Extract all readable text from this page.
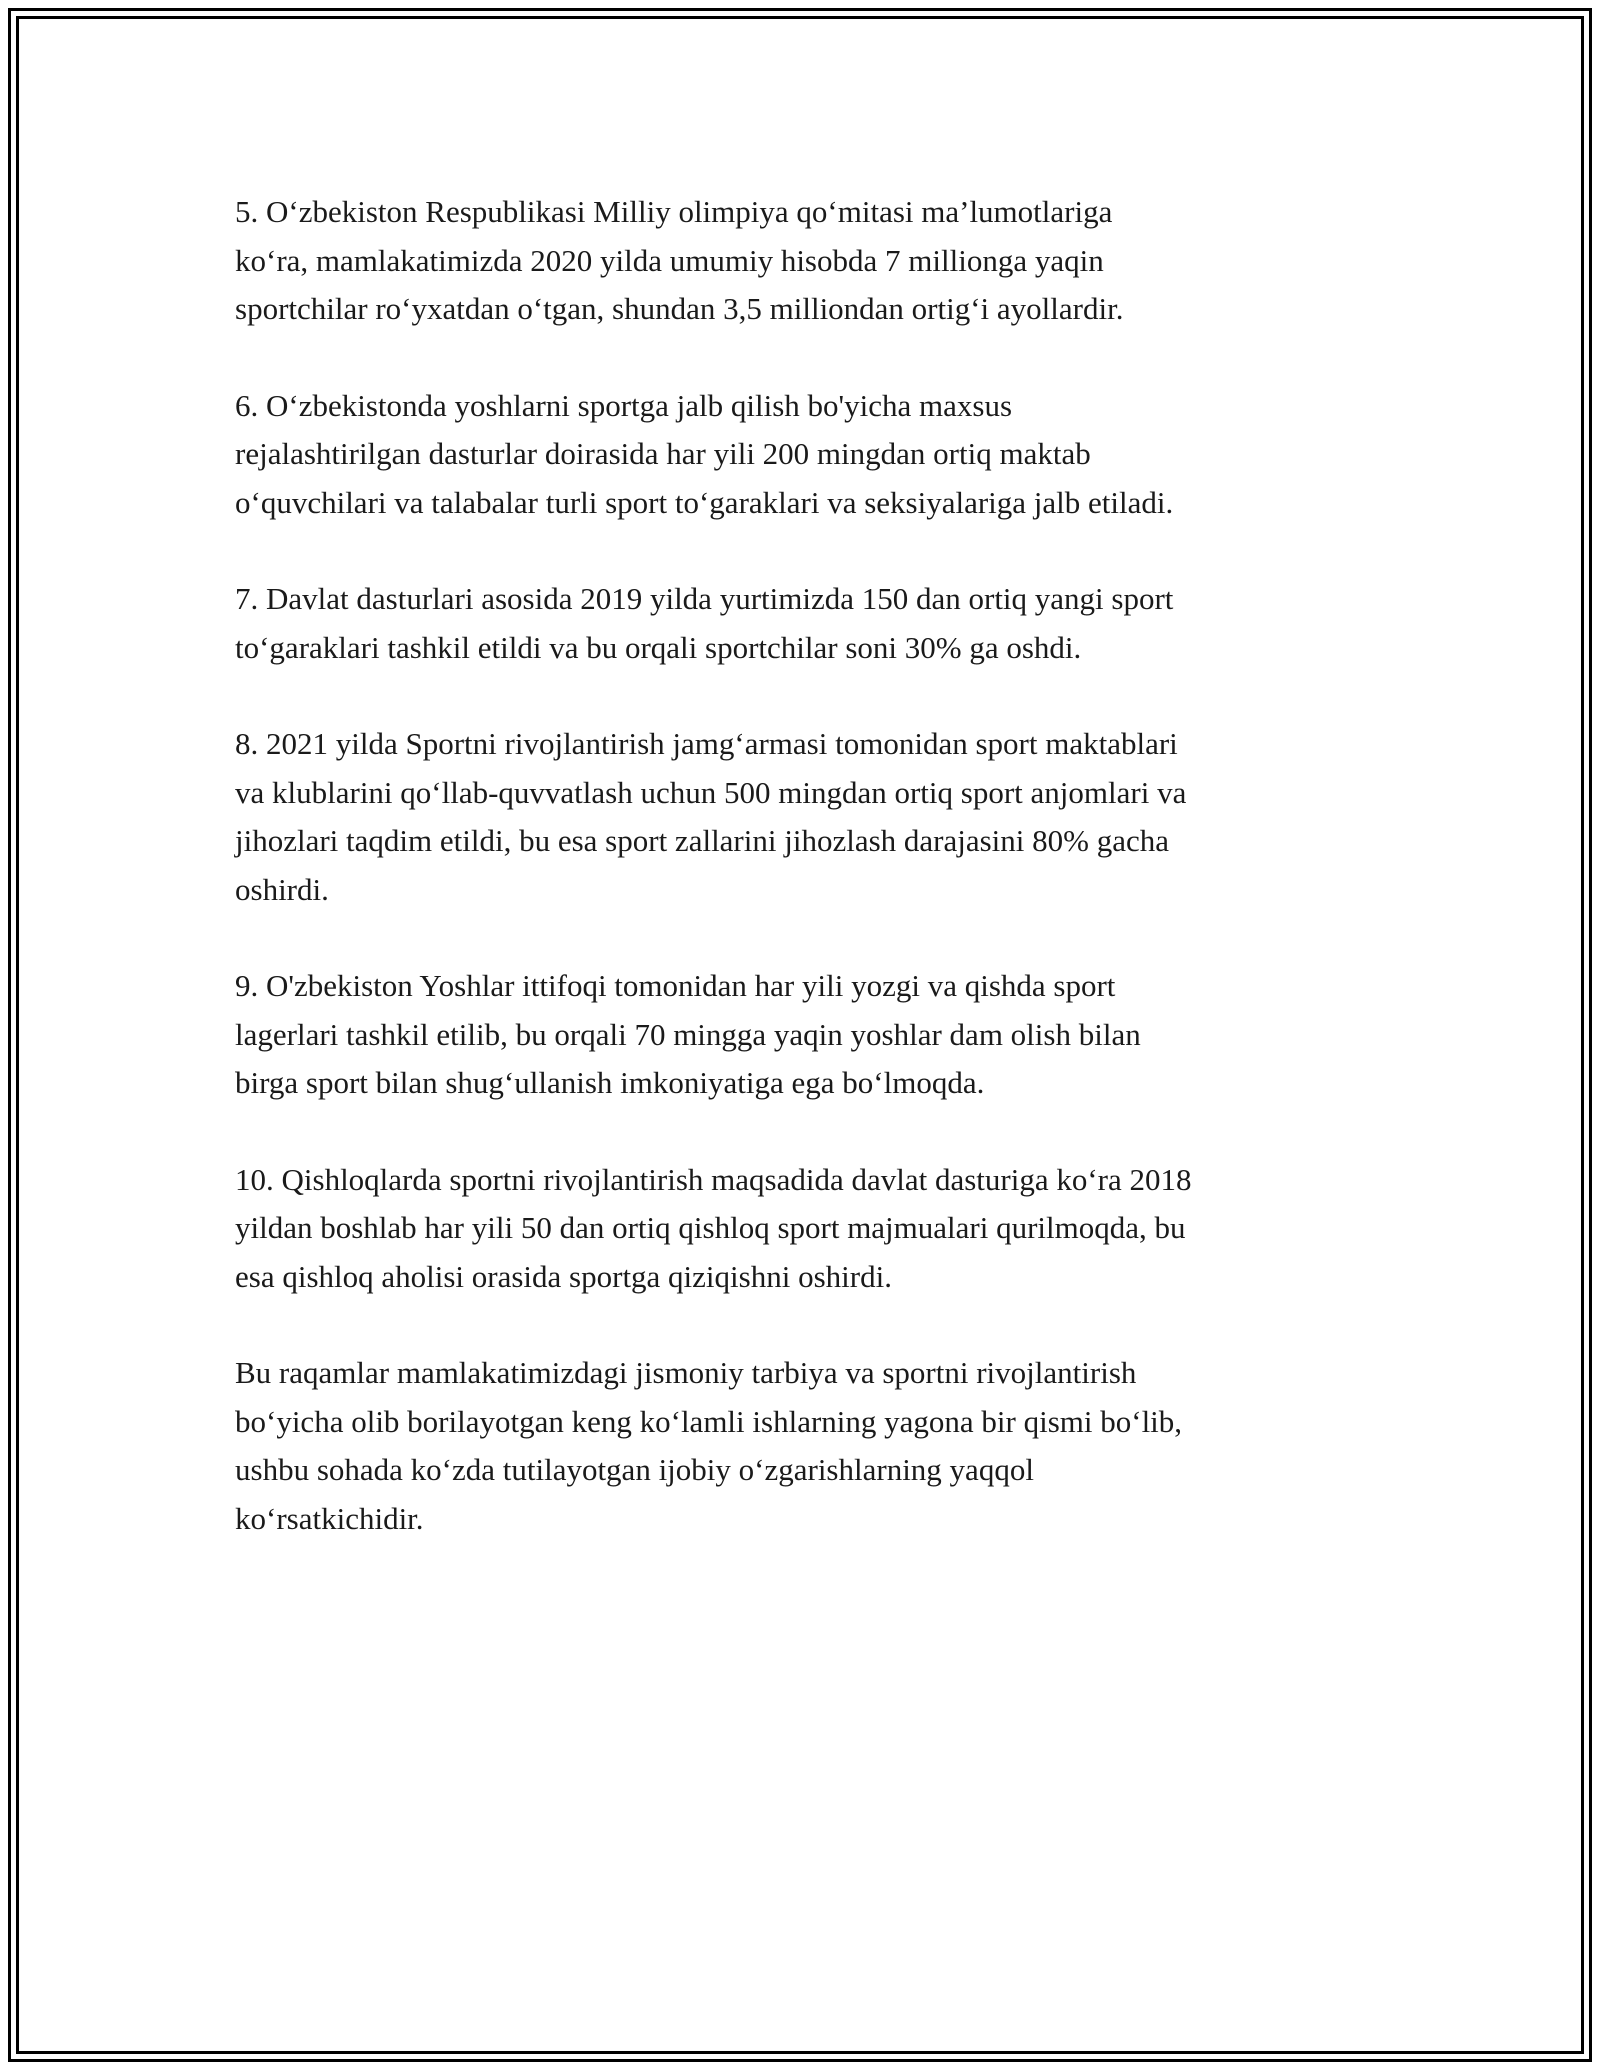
5. O‘zbekiston Respublikasi Milliy olimpiya qo‘mitasi ma’lumotlariga
ko‘ra, mamlakatimizda 2020 yilda umumiy hisobda 7 millionga yaqin
sportchilar ro‘yxatdan o‘tgan, shundan 3,5 milliondan ortig‘i ayollardir.

6. O‘zbekistonda yoshlarni sportga jalb qilish bo'yicha maxsus
rejalashtirilgan dasturlar doirasida har yili 200 mingdan ortiq maktab
o‘quvchilari va talabalar turli sport to‘garaklari va seksiyalariga jalb etiladi.

7. Davlat dasturlari asosida 2019 yilda yurtimizda 150 dan ortiq yangi sport
to‘garaklari tashkil etildi va bu orqali sportchilar soni 30% ga oshdi.

8. 2021 yilda Sportni rivojlantirish jamg‘armasi tomonidan sport maktablari
va klublarini qo‘llab-quvvatlash uchun 500 mingdan ortiq sport anjomlari va
jihozlari taqdim etildi, bu esa sport zallarini jihozlash darajasini 80% gacha
oshirdi.

9. O'zbekiston Yoshlar ittifoqi tomonidan har yili yozgi va qishda sport
lagerlari tashkil etilib, bu orqali 70 mingga yaqin yoshlar dam olish bilan
birga sport bilan shug‘ullanish imkoniyatiga ega bo‘lmoqda.

10. Qishloqlarda sportni rivojlantirish maqsadida davlat dasturiga ko‘ra 2018
yildan boshlab har yili 50 dan ortiq qishloq sport majmualari qurilmoqda, bu
esa qishloq aholisi orasida sportga qiziqishni oshirdi.

Bu raqamlar mamlakatimizdagi jismoniy tarbiya va sportni rivojlantirish
bo‘yicha olib borilayotgan keng ko‘lamli ishlarning yagona bir qismi bo‘lib,
ushbu sohada ko‘zda tutilayotgan ijobiy o‘zgarishlarning yaqqol
ko‘rsatkichidir.
